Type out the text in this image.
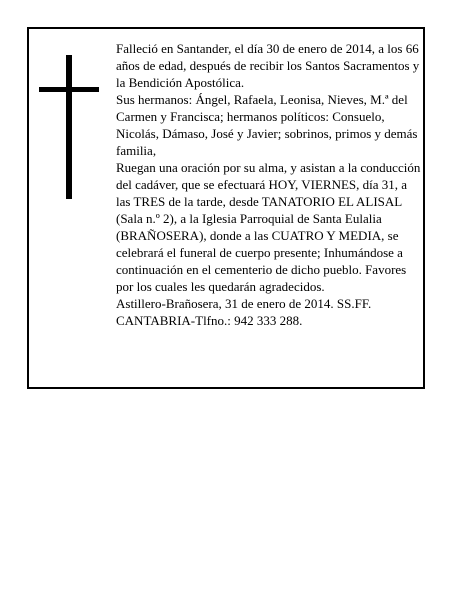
Falleció en Santander, el día 30 de enero de 2014, a los 66 años de edad, después de recibir los Santos Sacramentos y la Bendición Apostólica.

Sus hermanos: Ángel, Rafaela, Leonisa, Nieves, M.ª del Carmen y Francisca; hermanos políticos: Consuelo, Nicolás, Dámaso, José y Javier; sobrinos, primos y demás familia,

Ruegan una oración por su alma, y asistan a la conducción del cadáver, que se efectuará HOY, VIERNES, día 31, a las TRES de la tarde, desde TANATORIO EL ALISAL (Sala n.º 2), a la Iglesia Parroquial de Santa Eulalia (BRAÑOSERA), donde a las CUATRO Y MEDIA, se celebrará el funeral de cuerpo presente; Inhumándose a continuación en el cementerio de dicho pueblo. Favores por los cuales les quedarán agradecidos.

Astillero-Brañosera, 31 de enero de 2014. SS.FF.

CANTABRIA-Tlfno.: 942 333 288.
